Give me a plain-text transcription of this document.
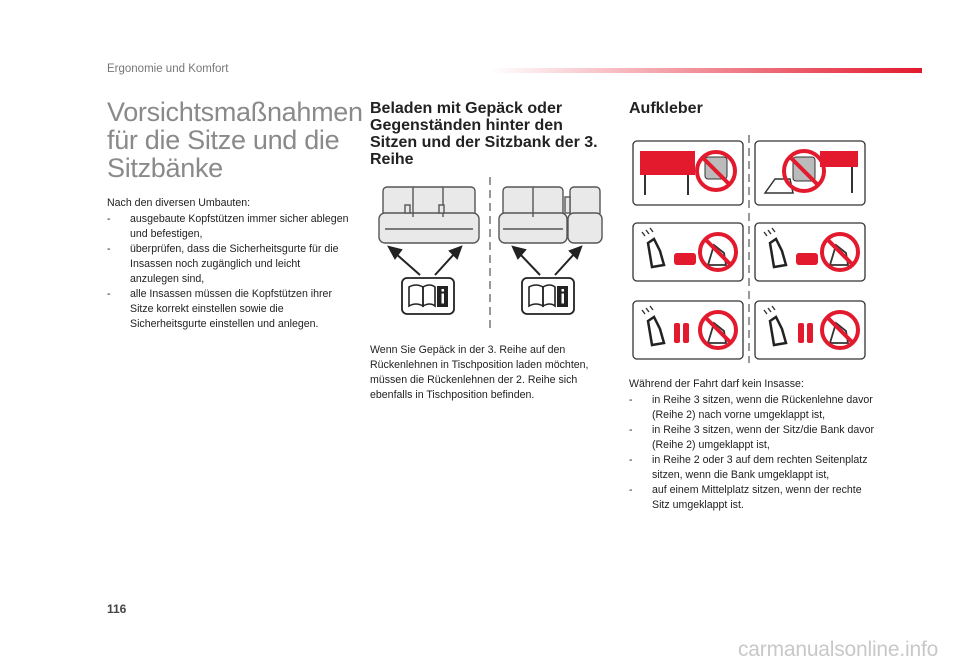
Ergonomie und Komfort
Vorsichtsmaßnahmen für die Sitze und die Sitzbänke

Nach den diversen Umbauten:

- ausgebaute Kopfstützen immer sicher ablegen und befestigen,
- überprüfen, dass die Sicherheitsgurte für die Insassen noch zugänglich und leicht anzulegen sind,
- alle Insassen müssen die Kopfstützen ihrer Sitze korrekt einstellen sowie die Sicherheitsgurte einstellen und anlegen.
Beladen mit Gepäck oder Gegenständen hinter den Sitzen und der Sitzbank der 3. Reihe
Wenn Sie Gepäck in der 3. Reihe auf den Rückenlehnen in Tischposition laden möchten, müssen die Rückenlehnen der 2. Reihe sich ebenfalls in Tischposition befinden.
Aufkleber

Während der Fahrt darf kein Insasse:

- in Reihe 3 sitzen, wenn die Rückenlehne davor (Reihe 2) nach vorne umgeklappt ist,
- in Reihe 3 sitzen, wenn der Sitz/die Bank davor (Reihe 2) umgeklappt ist,
- in Reihe 2 oder 3 auf dem rechten Seitenplatz sitzen, wenn die Bank umgeklappt ist,
- auf einem Mittelplatz sitzen, wenn der rechte Sitz umgeklappt ist.
116
carmanualsonline.info
